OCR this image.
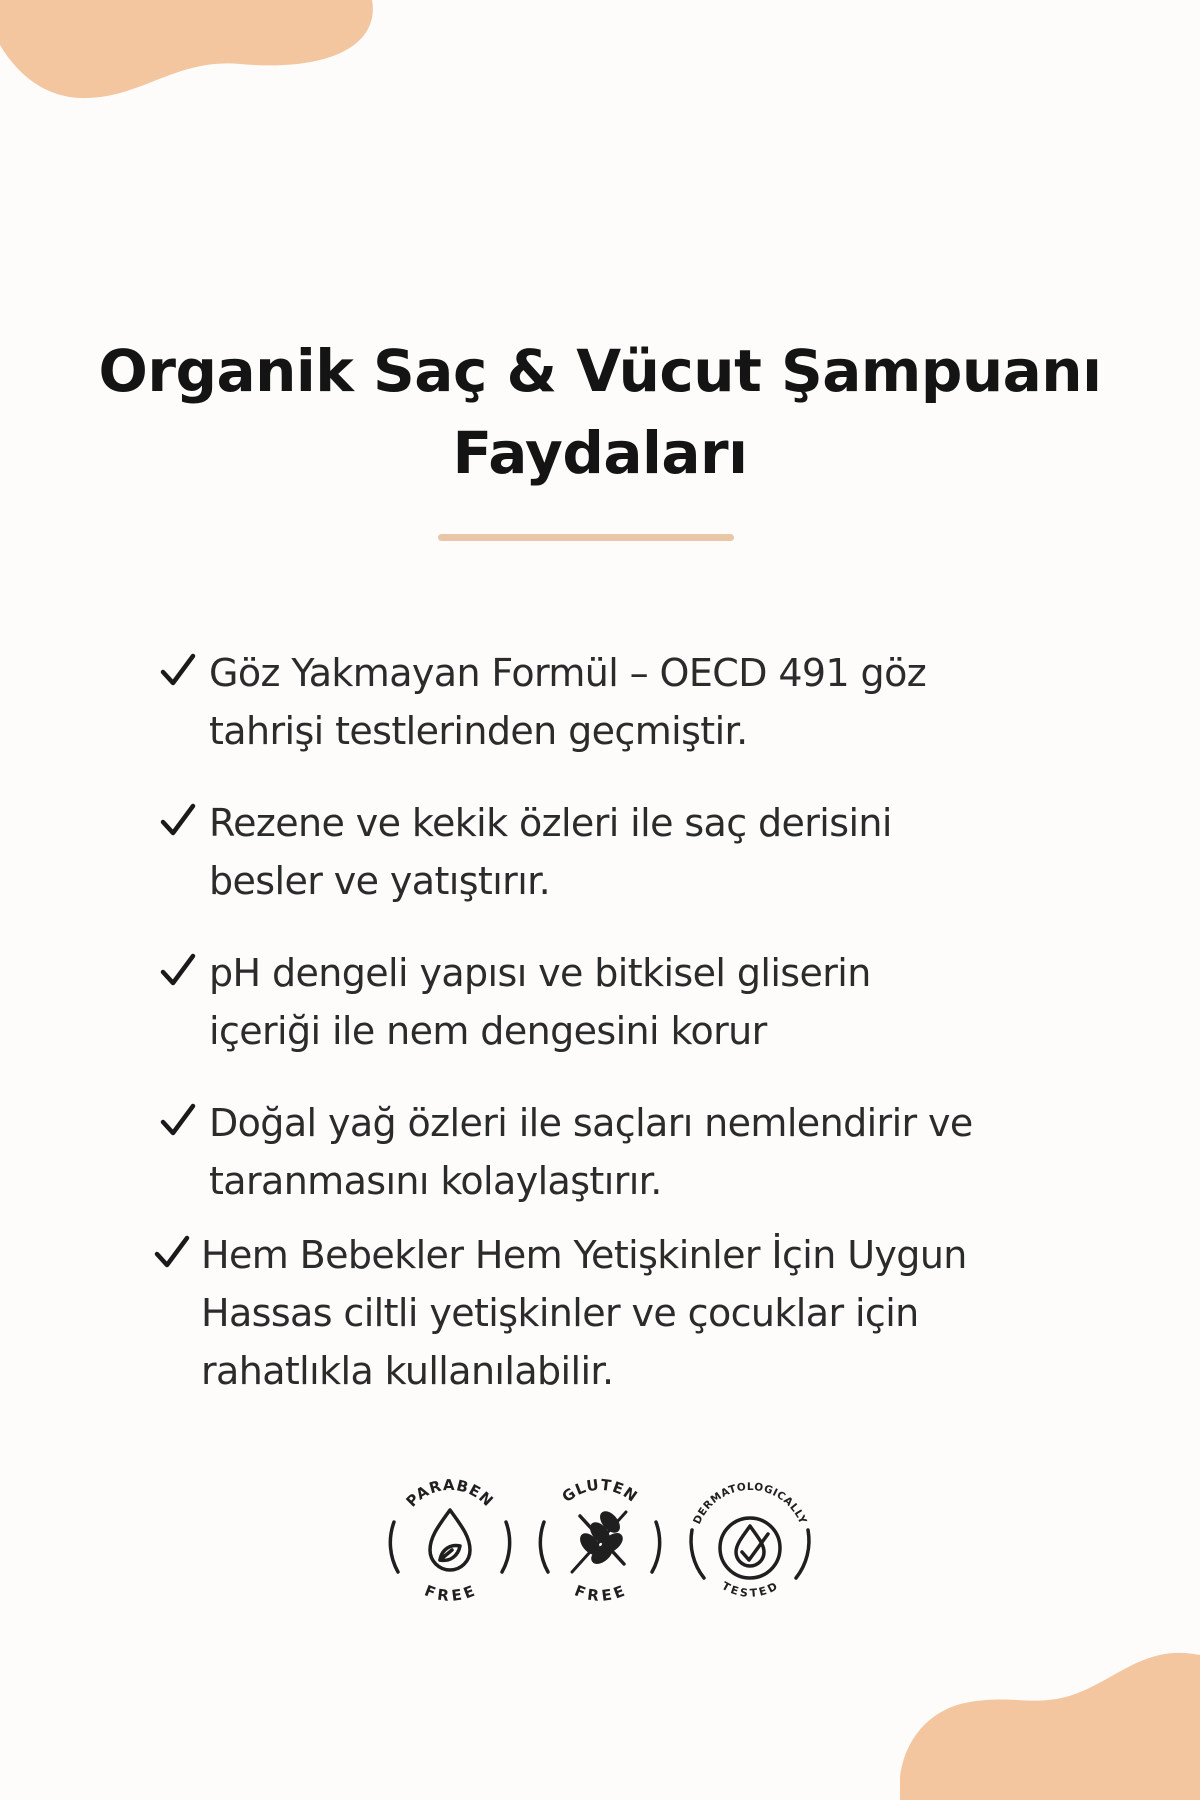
Organik Saç & Vücut Şampuanı
Faydaları
Göz Yakmayan Formül – OECD 491 göz
tahrişi testlerinden geçmiştir.
Rezene ve kekik özleri ile saç derisini
besler ve yatıştırır.
pH dengeli yapısı ve bitkisel gliserin
içeriği ile nem dengesini korur
Doğal yağ özleri ile saçları nemlendirir ve
taranmasını kolaylaştırır.
Hem Bebekler Hem Yetişkinler İçin Uygun
Hassas ciltli yetişkinler ve çocuklar için
rahatlıkla kullanılabilir.
PARABEN
FREE
GLUTEN
FREE
DERMATOLOGICALLY
TESTED
